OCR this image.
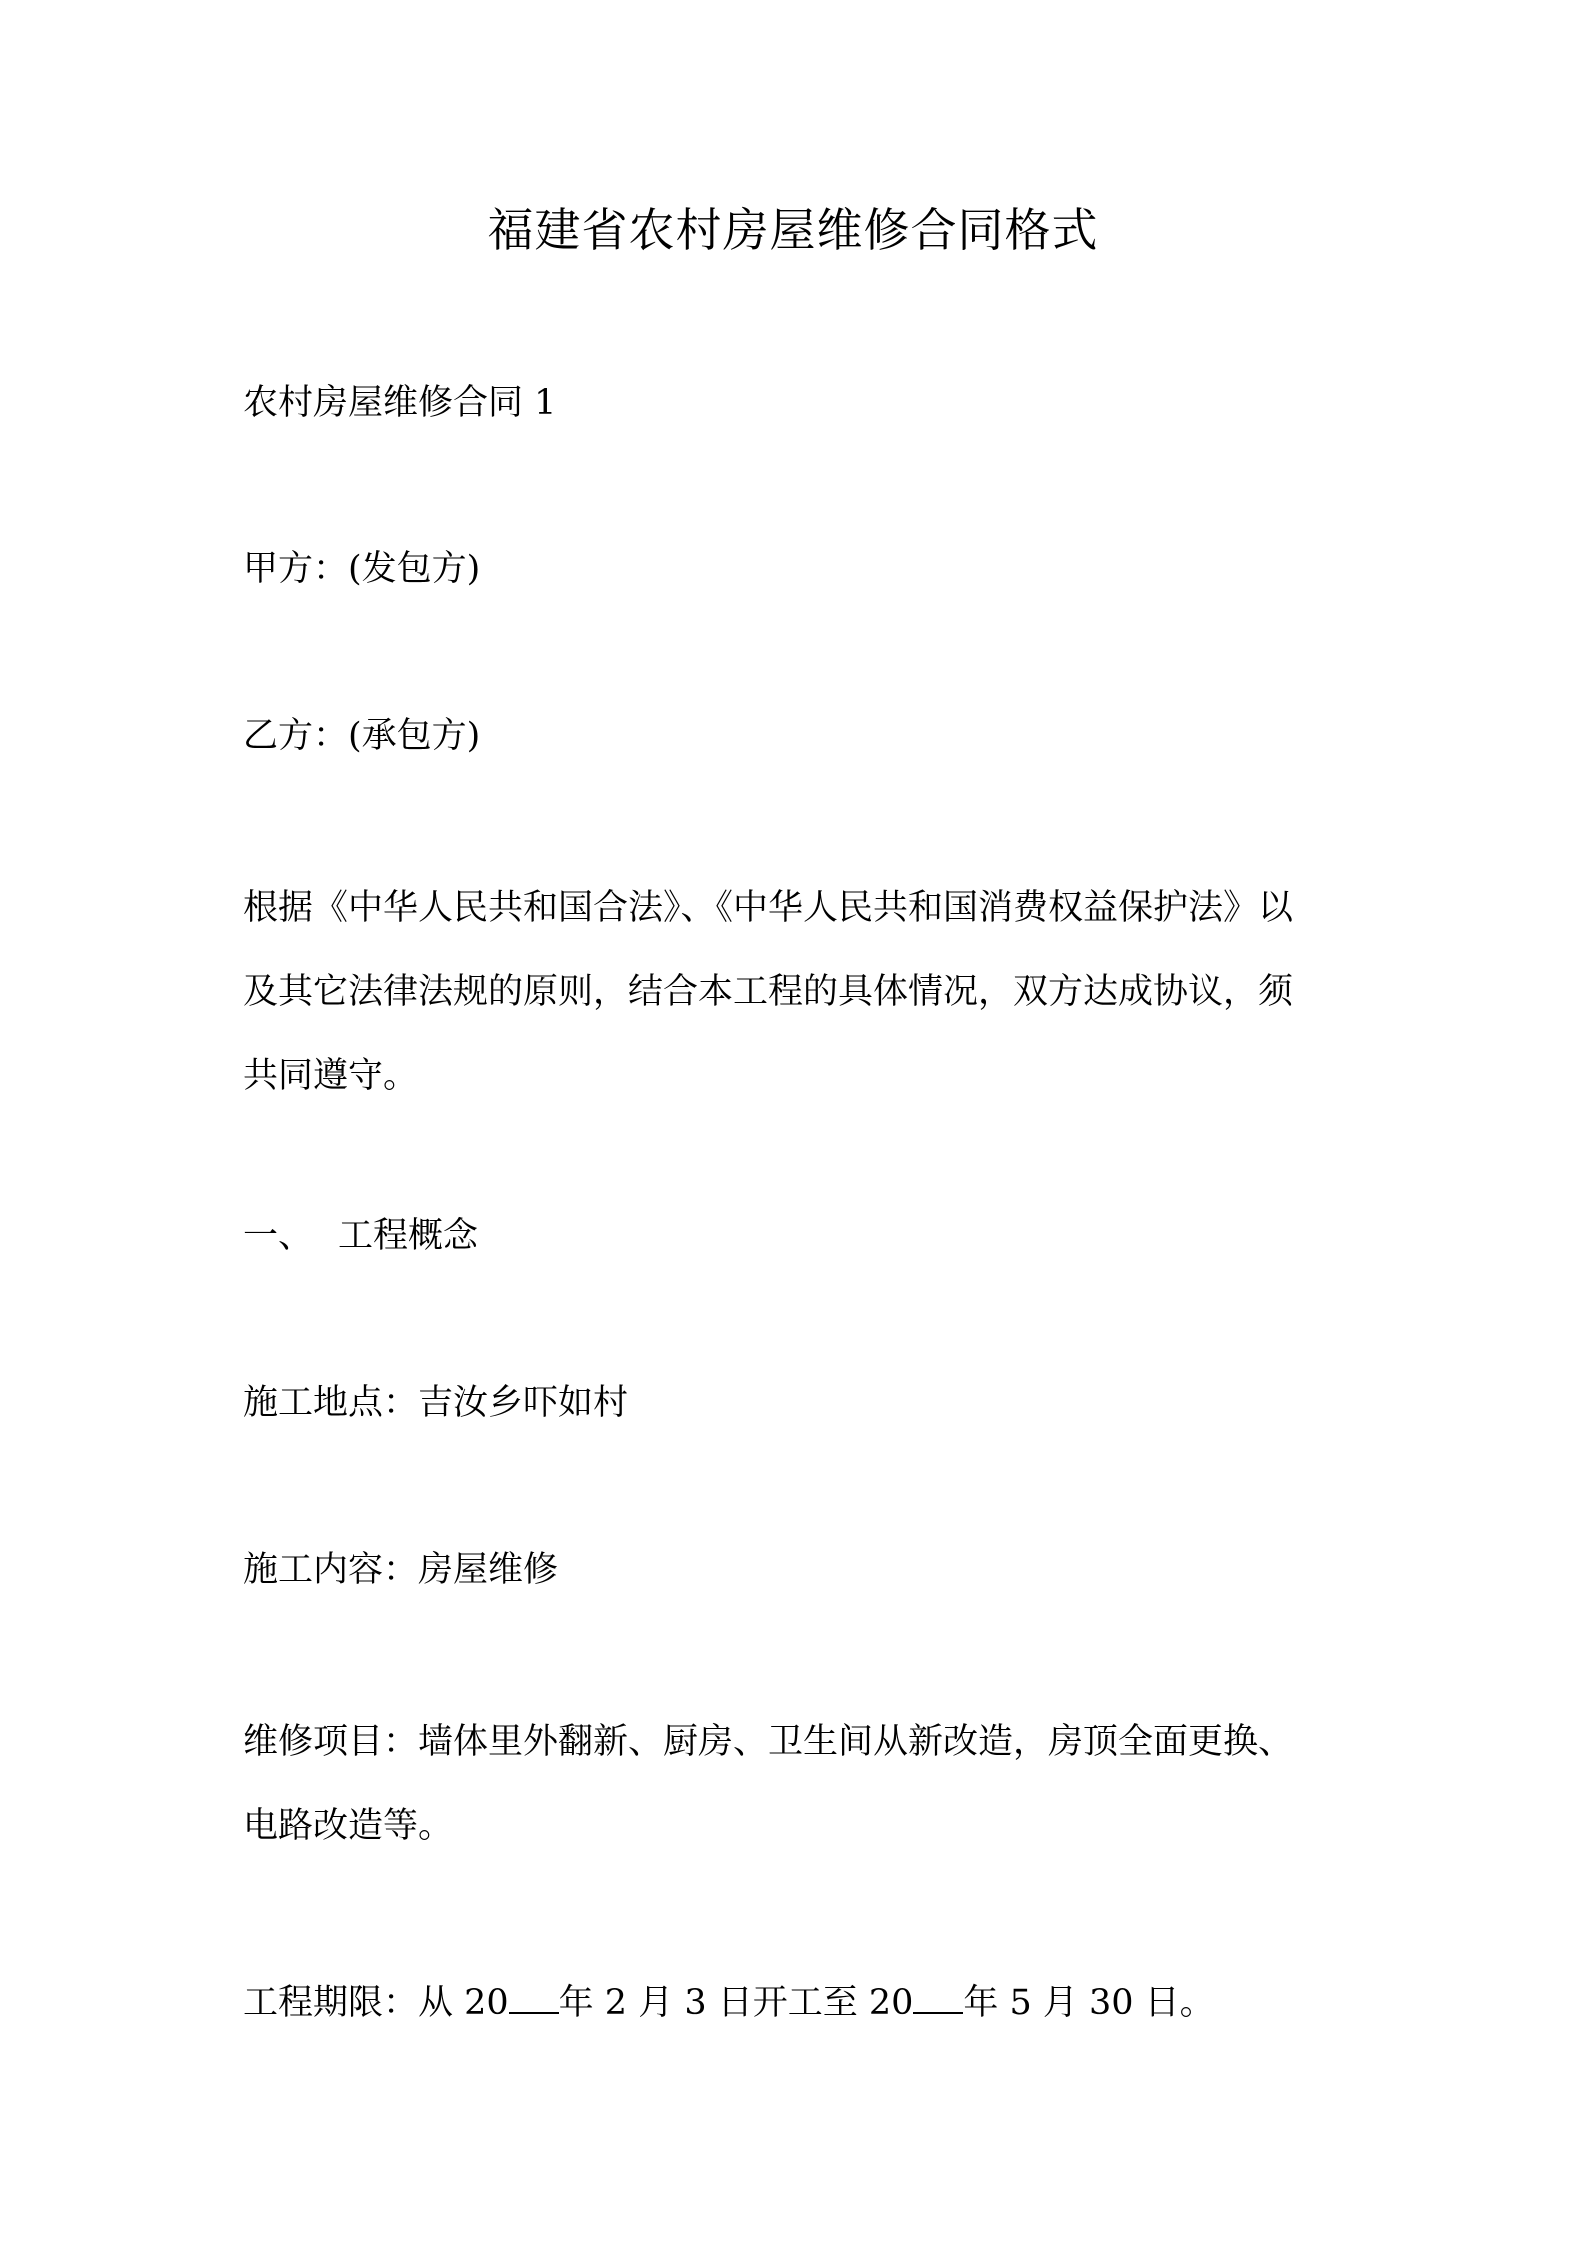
福建省农村房屋维修合同格式
农村房屋维修合同 1
甲方：(发包方)
乙方：(承包方)
根据《中华人民共和国合法》、《中华人民共和国消费权益保护法》以
及其它法律法规的原则，结合本工程的具体情况，双方达成协议，须
共同遵守。
一、 工程概念
施工地点：吉汝乡吓如村
施工内容：房屋维修
维修项目：墙体里外翻新、厨房、卫生间从新改造，房顶全面更换、
电路改造等。
工程期限：从 20 年 2 月 3 日开工至 20 年 5 月 30 日。
